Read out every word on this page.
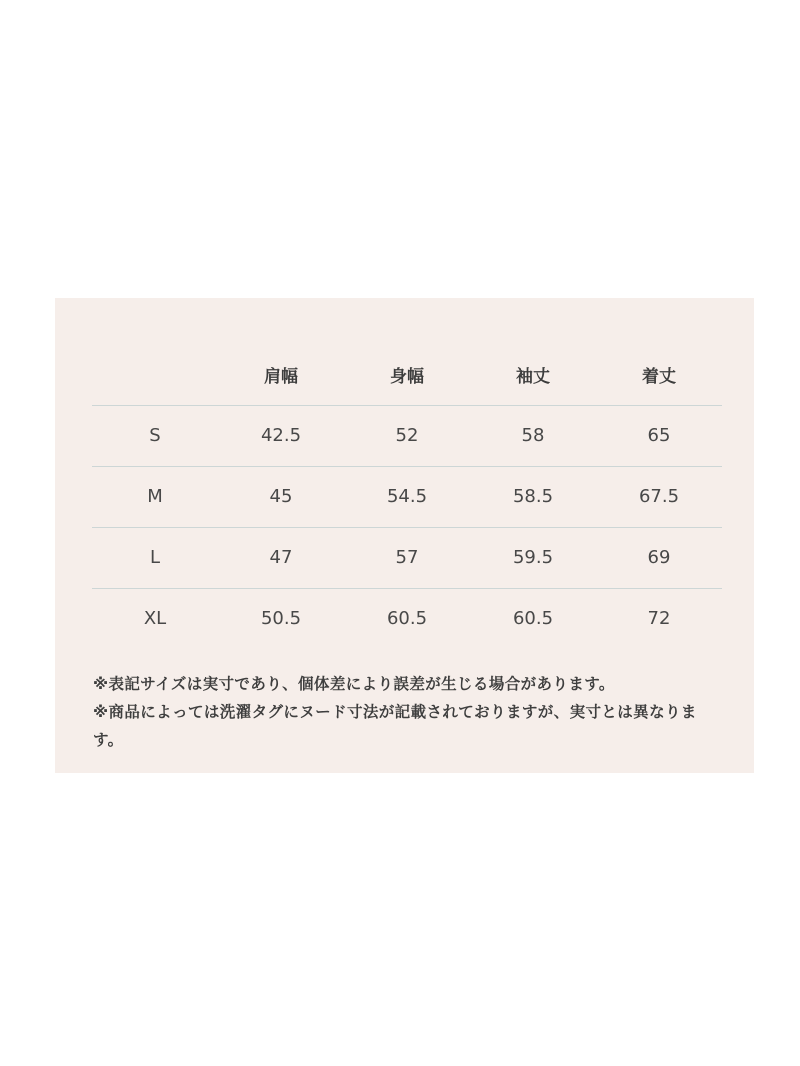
	肩幅	身幅	袖丈	着丈
S	42.5	52	58	65
M	45	54.5	58.5	67.5
L	47	57	59.5	69
XL	50.5	60.5	60.5	72

※表記サイズは実寸であり、個体差により誤差が生じる場合があります。

※商品によっては洗濯タグにヌード寸法が記載されておりますが、実寸とは異なります。
